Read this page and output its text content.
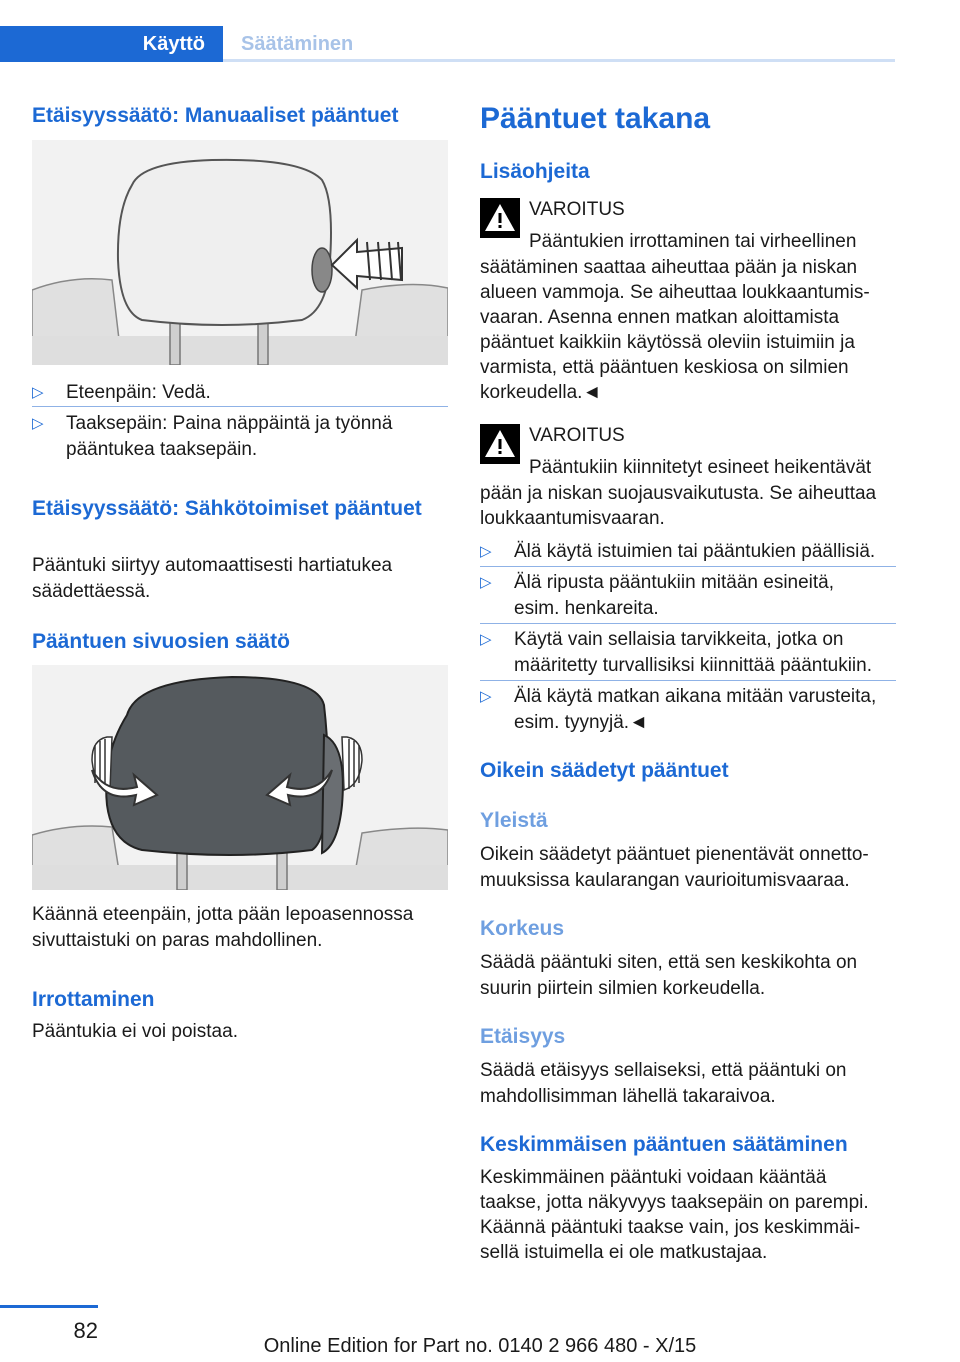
Käyttö Säätäminen
Etäisyyssäätö: Manuaaliset pääntuet
▷ Eteenpäin: Vedä.
▷ Taaksepäin: Paina näppäintä ja työnnä pääntukea taaksepäin.
Etäisyyssäätö: Sähkötoimiset pääntuet
Pääntuki siirtyy automaattisesti hartiatukea säädettäessä.
Pääntuen sivuosien säätö
Käännä eteenpäin, jotta pään lepoasennossa sivuttaistuki on paras mahdollinen.
Irrottaminen
Pääntukia ei voi poistaa.
Pääntuet takana
Lisäohjeita
VAROITUS
Pääntukien irrottaminen tai virheellinen
säätäminen saattaa aiheuttaa pään ja niskan
alueen vammoja. Se aiheuttaa loukkaantumis-
vaaran. Asenna ennen matkan aloittamista
pääntuet kaikkiin käytössä oleviin istuimiin ja
varmista, että pääntuen keskiosa on silmien
korkeudella.◄
VAROITUS
Pääntukiin kiinnitetyt esineet heikentävät
pään ja niskan suojausvaikutusta. Se aiheuttaa
loukkaantumisvaaran.
▷ Älä käytä istuimien tai pääntukien päällisiä.
▷ Älä ripusta pääntukiin mitään esineitä, esim. henkareita.
▷ Käytä vain sellaisia tarvikkeita, jotka on määritetty turvallisiksi kiinnittää pääntukiin.
▷ Älä käytä matkan aikana mitään varusteita, esim. tyynyjä.◄
Oikein säädetyt pääntuet
Yleistä
Oikein säädetyt pääntuet pienentävät onnetto-muuksissa kaularangan vaurioitumisvaaraa.
Korkeus
Säädä pääntuki siten, että sen keskikohta on suurin piirtein silmien korkeudella.
Etäisyys
Säädä etäisyys sellaiseksi, että pääntuki on mahdollisimman lähellä takaraivoa.
Keskimmäisen pääntuen säätäminen
Keskimmäinen pääntuki voidaan kääntää
taakse, jotta näkyvyys taaksepäin on parempi.
Käännä pääntuki taakse vain, jos keskimmäi-
sellä istuimella ei ole matkustajaa.
82
Online Edition for Part no. 0140 2 966 480 - X/15
